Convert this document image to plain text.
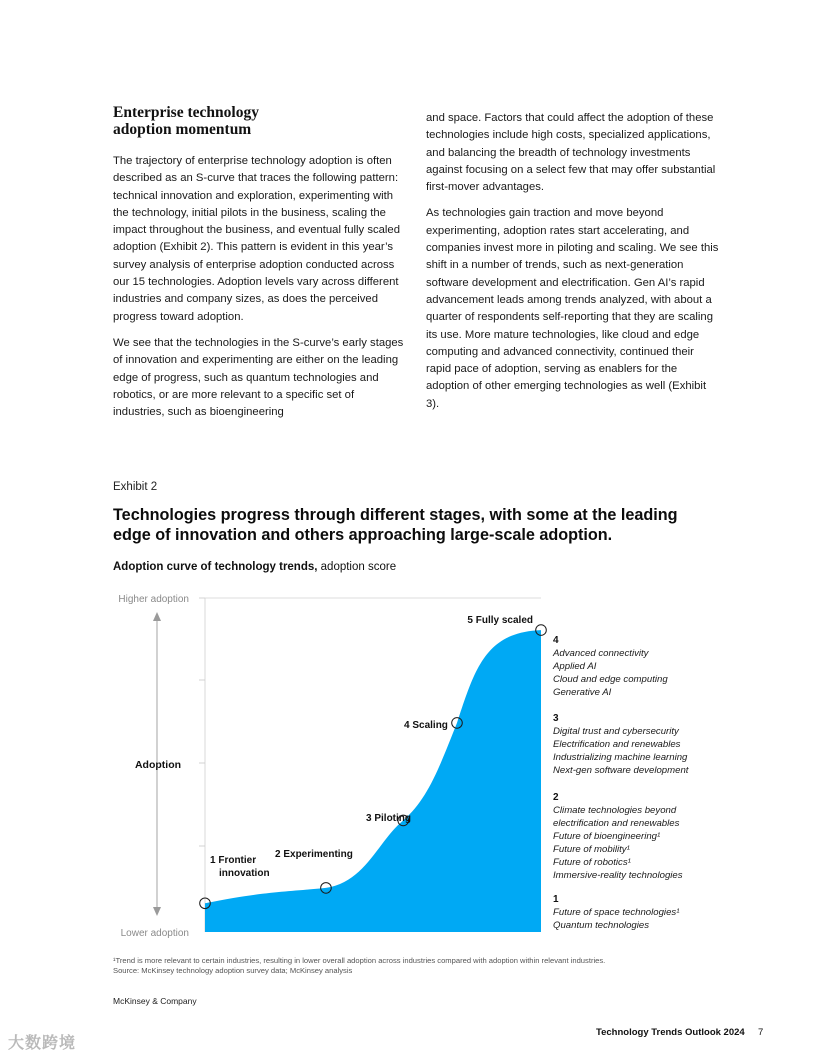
Enterprise technology
adoption momentum

The trajectory of enterprise technology adoption is often described as an S-curve that traces the following pattern: technical innovation and exploration, experimenting with the technology, initial pilots in the business, scaling the impact throughout the business, and eventual fully scaled adoption (Exhibit 2). This pattern is evident in this year’s survey analysis of enterprise adoption conducted across our 15 technologies. Adoption levels vary across different industries and company sizes, as does the perceived progress toward adoption.

We see that the technologies in the S-curve’s early stages of innovation and experimenting are either on the leading edge of progress, such as quantum technologies and robotics, or are more relevant to a specific set of industries, such as bioengineering

and space. Factors that could affect the adoption of these technologies include high costs, specialized applications, and balancing the breadth of technology investments against focusing on a select few that may offer substantial first-mover advantages.

As technologies gain traction and move beyond experimenting, adoption rates start accelerating, and companies invest more in piloting and scaling. We see this shift in a number of trends, such as next-generation software development and electrification. Gen AI’s rapid advancement leads among trends analyzed, with about a quarter of respondents self-reporting that they are scaling its use. More mature technologies, like cloud and edge computing and advanced connectivity, continued their rapid pace of adoption, serving as enablers for the adoption of other emerging technologies as well (Exhibit 3).

Exhibit 2
Technologies progress through different stages, with some at the leading edge of innovation and others approaching large-scale adoption.
Adoption curve of technology trends, adoption score
Higher adoption
Lower adoption
Adoption
1 Frontier
innovation
2 Experimenting
3 Piloting
4 Scaling
5 Fully scaled
4
Advanced connectivity
Applied AI
Cloud and edge computing
Generative AI
3
Digital trust and cybersecurity
Electrification and renewables
Industrializing machine learning
Next-gen software development
2
Climate technologies beyond
electrification and renewables
Future of bioengineering¹
Future of mobility¹
Future of robotics¹
Immersive-reality technologies
1
Future of space technologies¹
Quantum technologies
¹Trend is more relevant to certain industries, resulting in lower overall adoption across industries compared with adoption within relevant industries.
Source: McKinsey technology adoption survey data; McKinsey analysis
McKinsey & Company
Technology Trends Outlook 2024 7
大数跨境
